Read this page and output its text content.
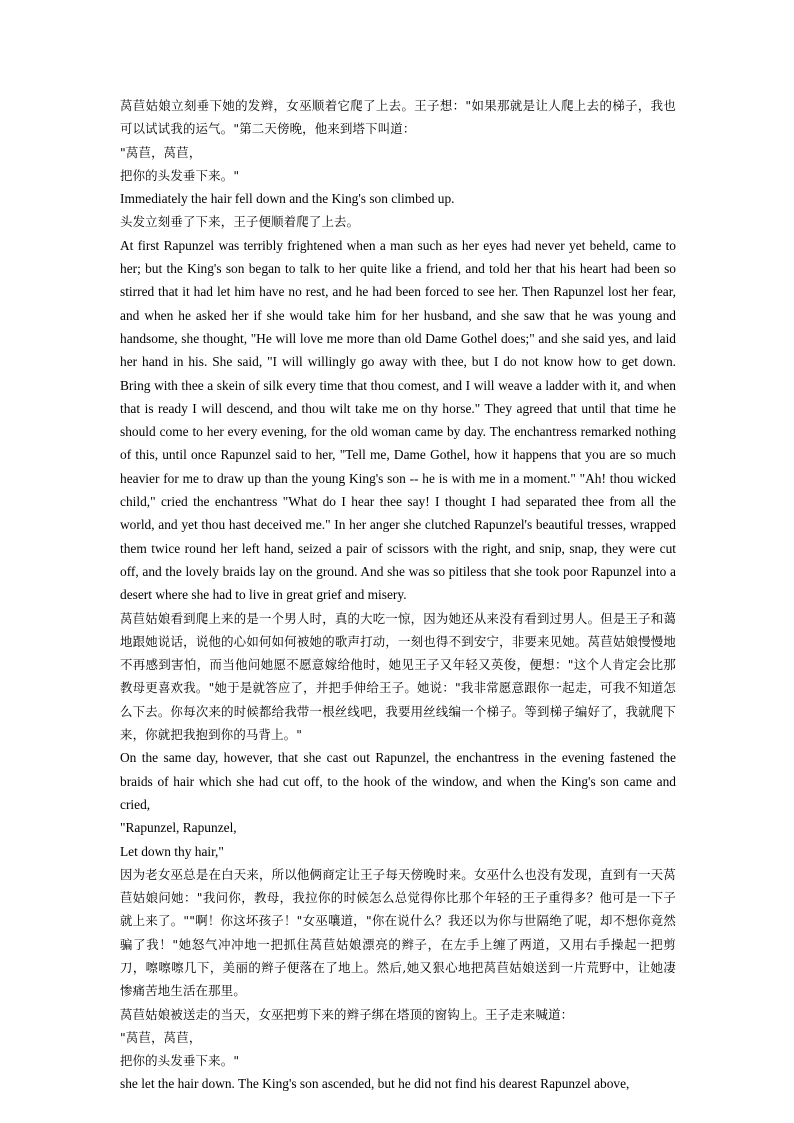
莴苣姑娘立刻垂下她的发辫，女巫顺着它爬了上去。王子想："如果那就是让人爬上去的梯子，我也可以试试我的运气。"第二天傍晚，他来到塔下叫道：

"莴苣，莴苣，

把你的头发垂下来。"

Immediately the hair fell down and the King's son climbed up.

头发立刻垂了下来，王子便顺着爬了上去。

At first Rapunzel was terribly frightened when a man such as her eyes had never yet beheld, came to her; but the King's son began to talk to her quite like a friend, and told her that his heart had been so stirred that it had let him have no rest, and he had been forced to see her. Then Rapunzel lost her fear, and when he asked her if she would take him for her husband, and she saw that he was young and handsome, she thought, "He will love me more than old Dame Gothel does;" and she said yes, and laid her hand in his. She said, "I will willingly go away with thee, but I do not know how to get down. Bring with thee a skein of silk every time that thou comest, and I will weave a ladder with it, and when that is ready I will descend, and thou wilt take me on thy horse." They agreed that until that time he should come to her every evening, for the old woman came by day. The enchantress remarked nothing of this, until once Rapunzel said to her, "Tell me, Dame Gothel, how it happens that you are so much heavier for me to draw up than the young King's son -- he is with me in a moment." "Ah! thou wicked child," cried the enchantress "What do I hear thee say! I thought I had separated thee from all the world, and yet thou hast deceived me." In her anger she clutched Rapunzel's beautiful tresses, wrapped them twice round her left hand, seized a pair of scissors with the right, and snip, snap, they were cut off, and the lovely braids lay on the ground. And she was so pitiless that she took poor Rapunzel into a desert where she had to live in great grief and misery.

莴苣姑娘看到爬上来的是一个男人时，真的大吃一惊，因为她还从来没有看到过男人。但是王子和蔼地跟她说话，说他的心如何如何被她的歌声打动，一刻也得不到安宁，非要来见她。莴苣姑娘慢慢地不再感到害怕，而当他问她愿不愿意嫁给他时，她见王子又年轻又英俊，便想："这个人肯定会比那教母更喜欢我。"她于是就答应了，并把手伸给王子。她说："我非常愿意跟你一起走，可我不知道怎么下去。你每次来的时候都给我带一根丝线吧，我要用丝线编一个梯子。等到梯子编好了，我就爬下来，你就把我抱到你的马背上。"

On the same day, however, that she cast out Rapunzel, the enchantress in the evening fastened the braids of hair which she had cut off, to the hook of the window, and when the King's son came and cried,

"Rapunzel, Rapunzel,

Let down thy hair,"

因为老女巫总是在白天来，所以他俩商定让王子每天傍晚时来。女巫什么也没有发现，直到有一天莴苣姑娘问她："我问你，教母，我拉你的时候怎么总觉得你比那个年轻的王子重得多？他可是一下子就上来了。""啊！你这坏孩子！"女巫嚷道，"你在说什么？我还以为你与世隔绝了呢，却不想你竟然骗了我！"她怒气冲冲地一把抓住莴苣姑娘漂亮的辫子，在左手上缠了两道，又用右手操起一把剪刀，嚓嚓嚓几下，美丽的辫子便落在了地上。然后,她又狠心地把莴苣姑娘送到一片荒野中，让她凄惨痛苦地生活在那里。

莴苣姑娘被送走的当天，女巫把剪下来的辫子绑在塔顶的窗钩上。王子走来喊道：

"莴苣，莴苣，

把你的头发垂下来。"

she let the hair down. The King's son ascended, but he did not find his dearest Rapunzel above,
